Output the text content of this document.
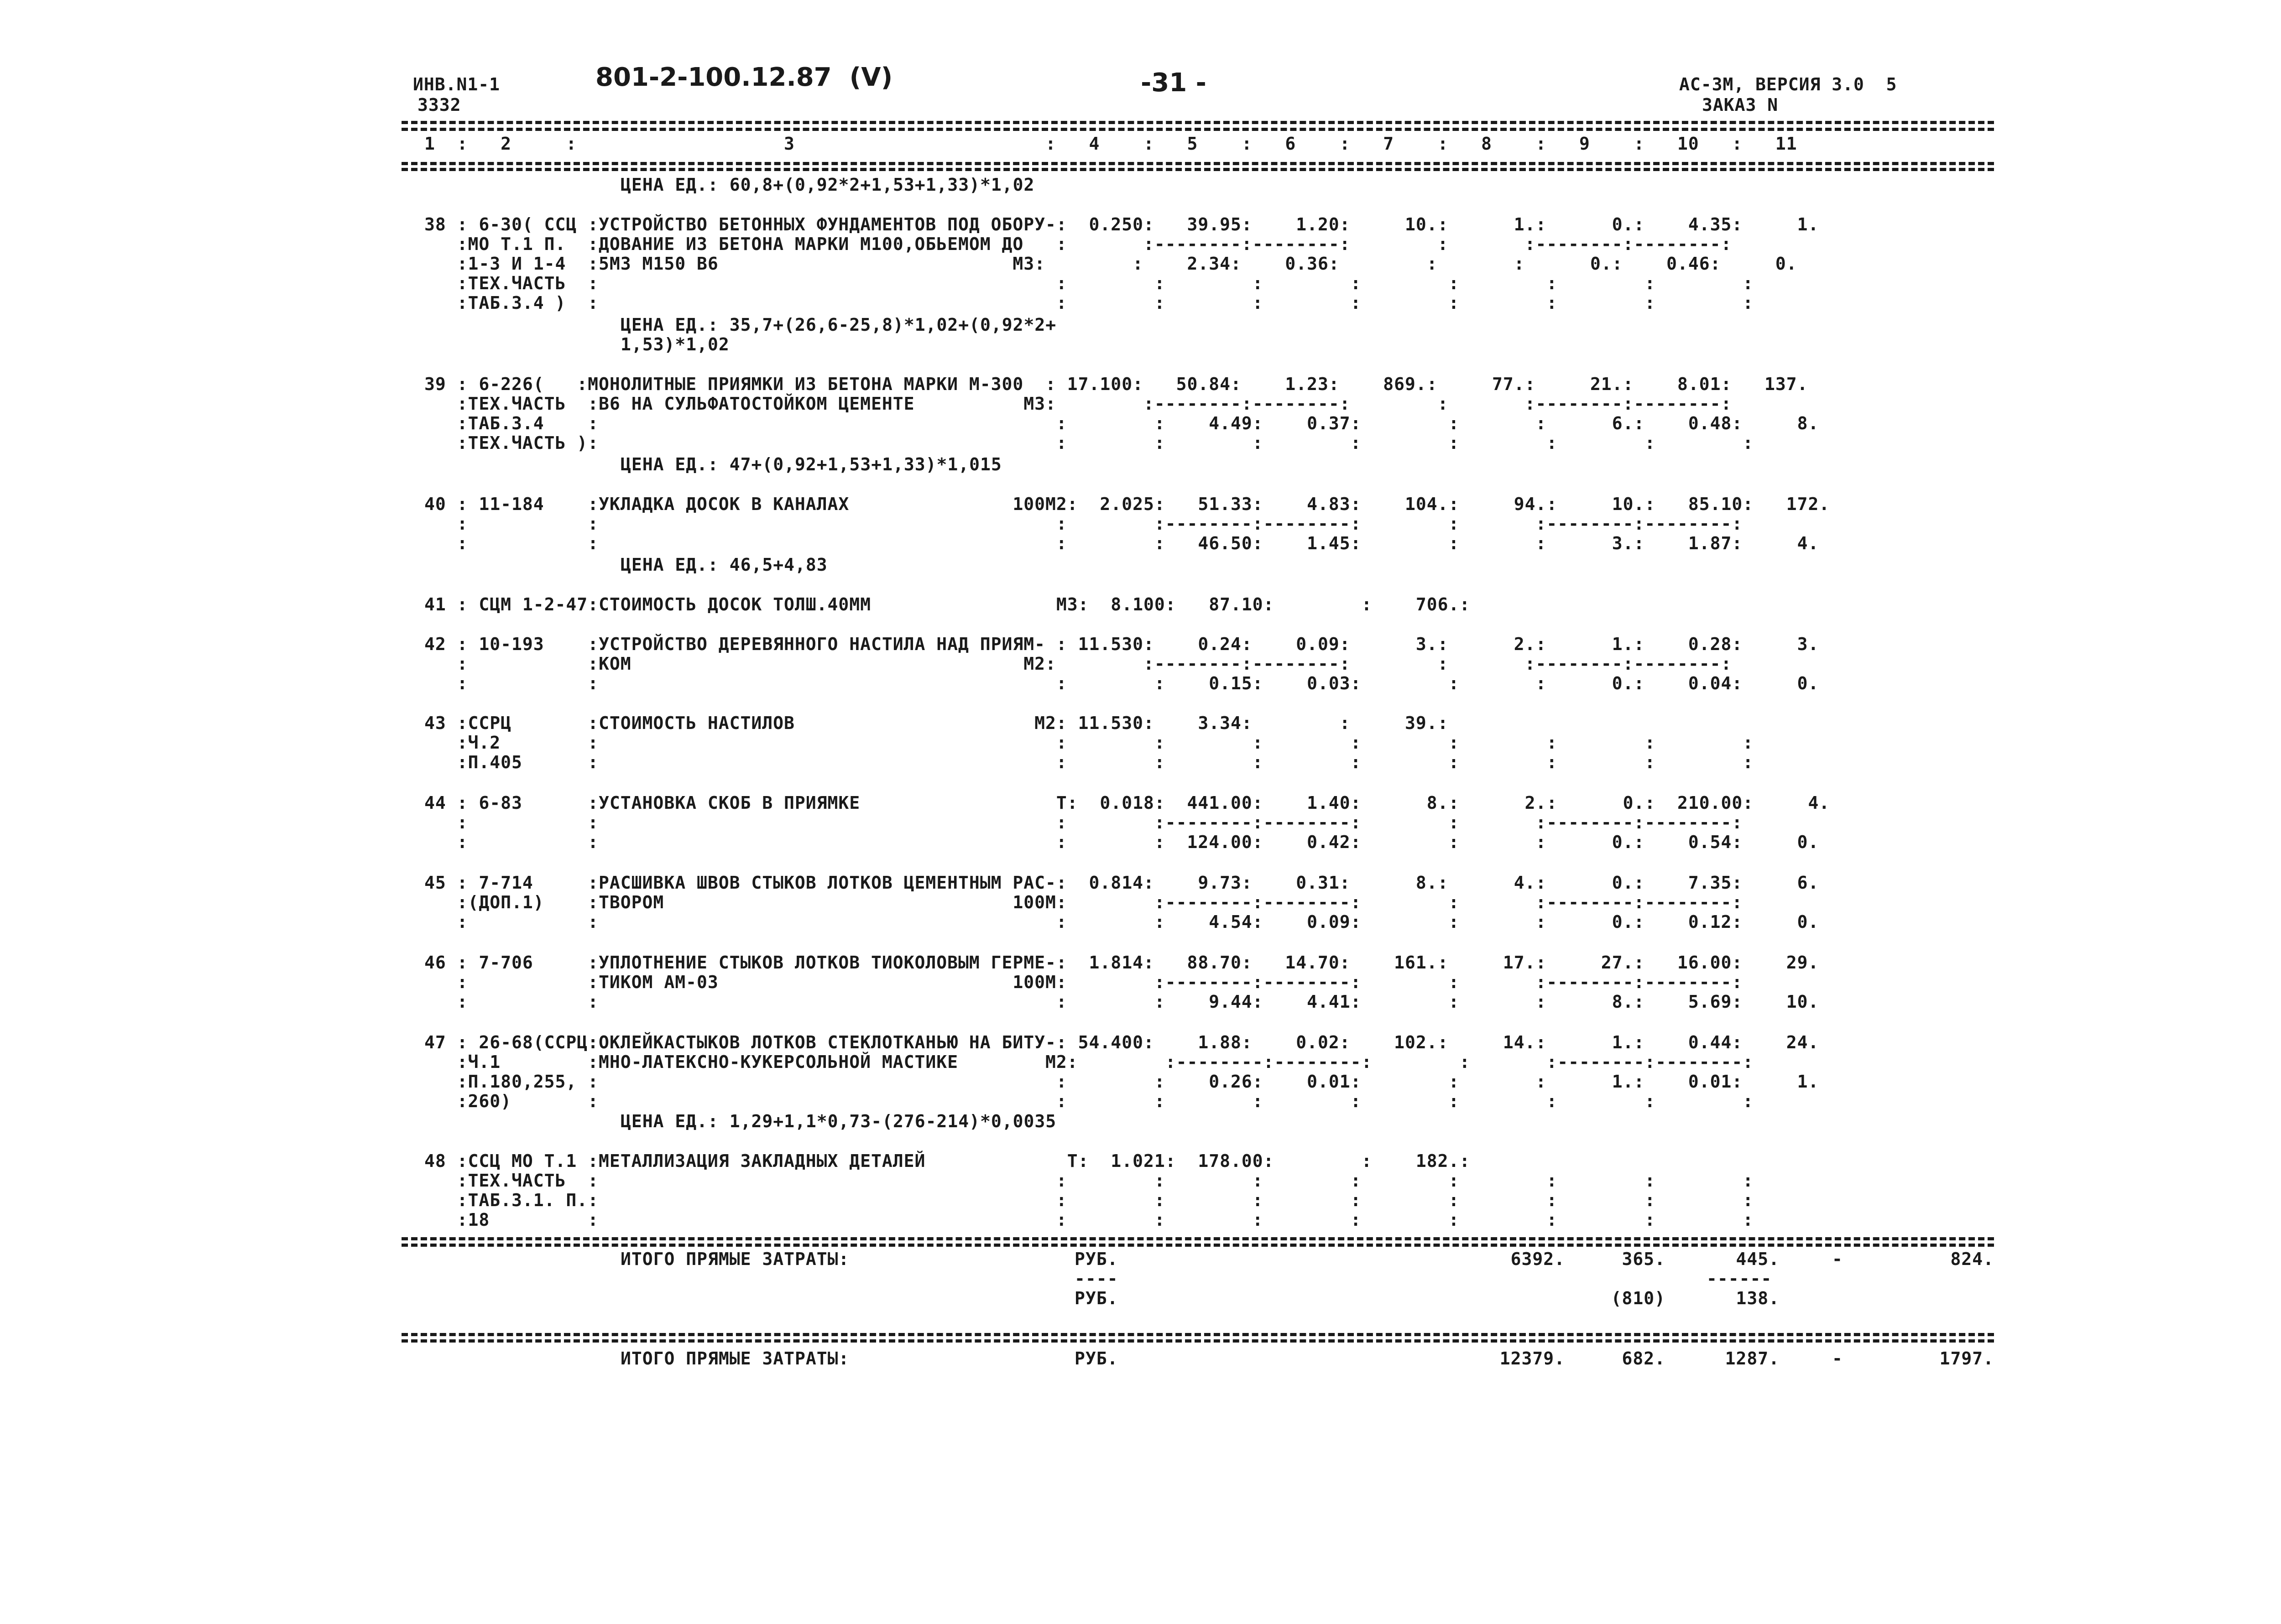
ИНВ.N1-1
3332
801-2-100.12.87  (V)	-31 -	АС-3М, ВЕРСИЯ 3.0  5
ЗАКАЗ N
1  :   2     :                   3                       :   4    :   5    :   6    :   7    :   8    :   9    :   10   :   11
ЦЕНА ЕД.: 60,8+(0,92*2+1,53+1,33)*1,02
38 : 6-30( ССЦ :УСТРОЙСТВО БЕТОННЫХ ФУНДАМЕНТОВ ПОД ОБОРУ-:  0.250:   39.95:    1.20:     10.:      1.:      0.:    4.35:     1.
:МО Т.1 П.  :ДОВАНИЕ ИЗ БЕТОНА МАРКИ М100,ОБЬЕМОМ ДО   :       :--------:--------:        :       :--------:--------:
:1-3 И 1-4  :5М3 М150 В6                           М3:        :    2.34:    0.36:        :       :      0.:    0.46:     0.
:ТЕХ.ЧАСТЬ  :                                          :        :        :        :        :        :        :        :
:ТАБ.3.4 )  :                                          :        :        :        :        :        :        :        :
ЦЕНА ЕД.: 35,7+(26,6-25,8)*1,02+(0,92*2+
1,53)*1,02
39 : 6-226(   :МОНОЛИТНЫЕ ПРИЯМКИ ИЗ БЕТОНА МАРКИ М-300  : 17.100:   50.84:    1.23:    869.:     77.:     21.:    8.01:   137.
:ТЕХ.ЧАСТЬ  :В6 НА СУЛЬФАТОСТОЙКОМ ЦЕМЕНТЕ          М3:        :--------:--------:        :       :--------:--------:
:ТАБ.3.4    :                                          :        :    4.49:    0.37:        :       :      6.:    0.48:     8.
:ТЕХ.ЧАСТЬ ):                                          :        :        :        :        :        :        :        :
ЦЕНА ЕД.: 47+(0,92+1,53+1,33)*1,015
40 : 11-184    :УКЛАДКА ДОСОК В КАНАЛАХ               100М2:  2.025:   51.33:    4.83:    104.:     94.:     10.:   85.10:   172.
:           :                                          :        :--------:--------:        :       :--------:--------:
:           :                                          :        :   46.50:    1.45:        :       :      3.:    1.87:     4.
ЦЕНА ЕД.: 46,5+4,83
41 : СЦМ 1-2-47:СТОИМОСТЬ ДОСОК ТОЛШ.40ММ                 М3:  8.100:   87.10:        :    706.:
42 : 10-193    :УСТРОЙСТВО ДЕРЕВЯННОГО НАСТИЛА НАД ПРИЯМ- : 11.530:    0.24:    0.09:      3.:      2.:      1.:    0.28:     3.
:           :КОМ                                    М2:        :--------:--------:        :       :--------:--------:
:           :                                          :        :    0.15:    0.03:        :       :      0.:    0.04:     0.
43 :ССРЦ       :СТОИМОСТЬ НАСТИЛОВ                      М2: 11.530:    3.34:        :     39.:
:Ч.2        :                                          :        :        :        :        :        :        :        :
:П.405      :                                          :        :        :        :        :        :        :        :
44 : 6-83      :УСТАНОВКА СКОБ В ПРИЯМКЕ                  Т:  0.018:  441.00:    1.40:      8.:      2.:      0.:  210.00:     4.
:           :                                          :        :--------:--------:        :       :--------:--------:
:           :                                          :        :  124.00:    0.42:        :       :      0.:    0.54:     0.
45 : 7-714     :РАСШИВКА ШВОВ СТЫКОВ ЛОТКОВ ЦЕМЕНТНЫМ РАС-:  0.814:    9.73:    0.31:      8.:      4.:      0.:    7.35:     6.
:(ДОП.1)    :ТВОРОМ                                100М:        :--------:--------:        :       :--------:--------:
:           :                                          :        :    4.54:    0.09:        :       :      0.:    0.12:     0.
46 : 7-706     :УПЛОТНЕНИЕ СТЫКОВ ЛОТКОВ ТИОКОЛОВЫМ ГЕРМЕ-:  1.814:   88.70:   14.70:    161.:     17.:     27.:   16.00:    29.
:           :ТИКОМ АМ-03                           100М:        :--------:--------:        :       :--------:--------:
:           :                                          :        :    9.44:    4.41:        :       :      8.:    5.69:    10.
47 : 26-68(ССРЦ:ОКЛЕЙКАСТЫКОВ ЛОТКОВ СТЕКЛОТКАНЬЮ НА БИТУ-: 54.400:    1.88:    0.02:    102.:     14.:      1.:    0.44:    24.
:Ч.1        :МНО-ЛАТЕКСНО-КУКЕРСОЛЬНОЙ МАСТИКЕ        М2:        :--------:--------:        :       :--------:--------:
:П.180,255, :                                          :        :    0.26:    0.01:        :       :      1.:    0.01:     1.
:260)       :                                          :        :        :        :        :        :        :        :
ЦЕНА ЕД.: 1,29+1,1*0,73-(276-214)*0,0035
48 :ССЦ МО Т.1 :МЕТАЛЛИЗАЦИЯ ЗАКЛАДНЫХ ДЕТАЛЕЙ             Т:  1.021:  178.00:        :    182.:
:ТЕХ.ЧАСТЬ  :                                          :        :        :        :        :        :        :        :
:ТАБ.3.1. П.:                                          :        :        :        :        :        :        :        :
:18         :                                          :        :        :        :        :        :        :        :
ИТОГО ПРЯМЫЕ ЗАТРАТЫ:	РУБ.	6392.	365.	445.	-	824.
----	------
РУБ.	(810)	138.
ИТОГО ПРЯМЫЕ ЗАТРАТЫ:	РУБ.	12379.	682.	1287.	-	1797.
